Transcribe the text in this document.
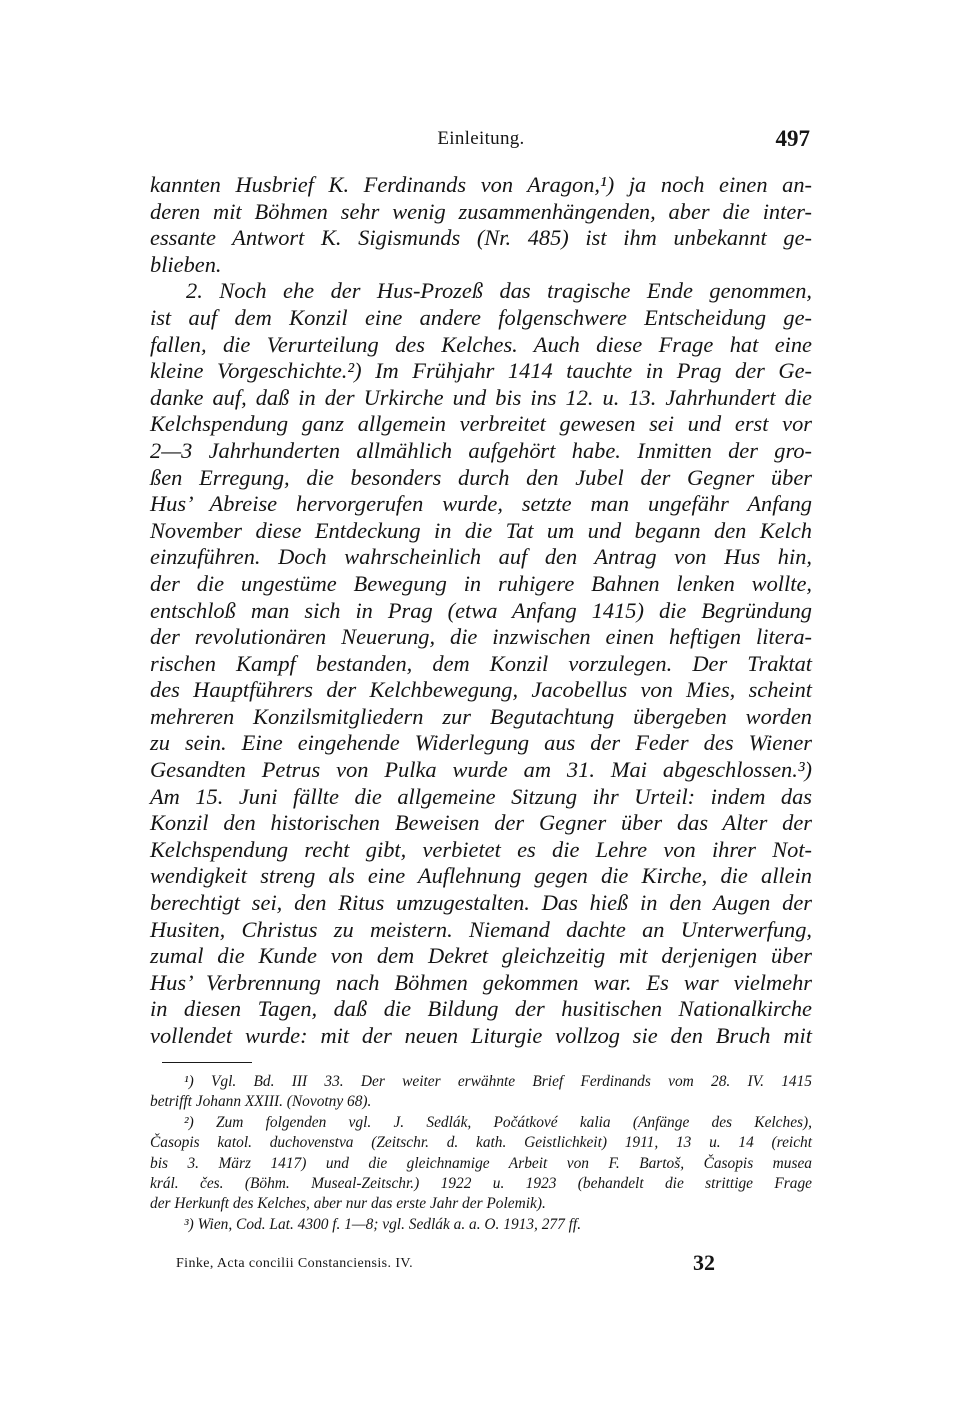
Einleitung.	497
kannten Husbrief K. Ferdinands von Aragon,¹) ja noch einen an-
deren mit Böhmen sehr wenig zusammenhängenden, aber die inter-
essante Antwort K. Sigismunds (Nr. 485) ist ihm unbekannt ge-
blieben.
2. Noch ehe der Hus-Prozeß das tragische Ende genommen,
ist auf dem Konzil eine andere folgenschwere Entscheidung ge-
fallen, die Verurteilung des Kelches. Auch diese Frage hat eine
kleine Vorgeschichte.²) Im Frühjahr 1414 tauchte in Prag der Ge-
danke auf, daß in der Urkirche und bis ins 12. u. 13. Jahrhundert die
Kelchspendung ganz allgemein verbreitet gewesen sei und erst vor
2—3 Jahrhunderten allmählich aufgehört habe. Inmitten der gro-
ßen Erregung, die besonders durch den Jubel der Gegner über
Hus’ Abreise hervorgerufen wurde, setzte man ungefähr Anfang
November diese Entdeckung in die Tat um und begann den Kelch
einzuführen. Doch wahrscheinlich auf den Antrag von Hus hin,
der die ungestüme Bewegung in ruhigere Bahnen lenken wollte,
entschloß man sich in Prag (etwa Anfang 1415) die Begründung
der revolutionären Neuerung, die inzwischen einen heftigen litera-
rischen Kampf bestanden, dem Konzil vorzulegen. Der Traktat
des Hauptführers der Kelchbewegung, Jacobellus von Mies, scheint
mehreren Konzilsmitgliedern zur Begutachtung übergeben worden
zu sein. Eine eingehende Widerlegung aus der Feder des Wiener
Gesandten Petrus von Pulka wurde am 31. Mai abgeschlossen.³)
Am 15. Juni fällte die allgemeine Sitzung ihr Urteil: indem das
Konzil den historischen Beweisen der Gegner über das Alter der
Kelchspendung recht gibt, verbietet es die Lehre von ihrer Not-
wendigkeit streng als eine Auflehnung gegen die Kirche, die allein
berechtigt sei, den Ritus umzugestalten. Das hieß in den Augen der
Husiten, Christus zu meistern. Niemand dachte an Unterwerfung,
zumal die Kunde von dem Dekret gleichzeitig mit derjenigen über
Hus’ Verbrennung nach Böhmen gekommen war. Es war vielmehr
in diesen Tagen, daß die Bildung der husitischen Nationalkirche
vollendet wurde: mit der neuen Liturgie vollzog sie den Bruch mit
¹) Vgl. Bd. III 33. Der weiter erwähnte Brief Ferdinands vom 28. IV. 1415
betrifft Johann XXIII. (Novotny 68).
²) Zum folgenden vgl. J. Sedlák, Počátkové kalia (Anfänge des Kelches),
Časopis katol. duchovenstva (Zeitschr. d. kath. Geistlichkeit) 1911, 13 u. 14 (reicht
bis 3. März 1417) und die gleichnamige Arbeit von F. Bartoš, Časopis musea
král. čes. (Böhm. Museal-Zeitschr.) 1922 u. 1923 (behandelt die strittige Frage
der Herkunft des Kelches, aber nur das erste Jahr der Polemik).
³) Wien, Cod. Lat. 4300 f. 1—8; vgl. Sedlák a. a. O. 1913, 277 ff.
Finke, Acta concilii Constanciensis. IV.	32
